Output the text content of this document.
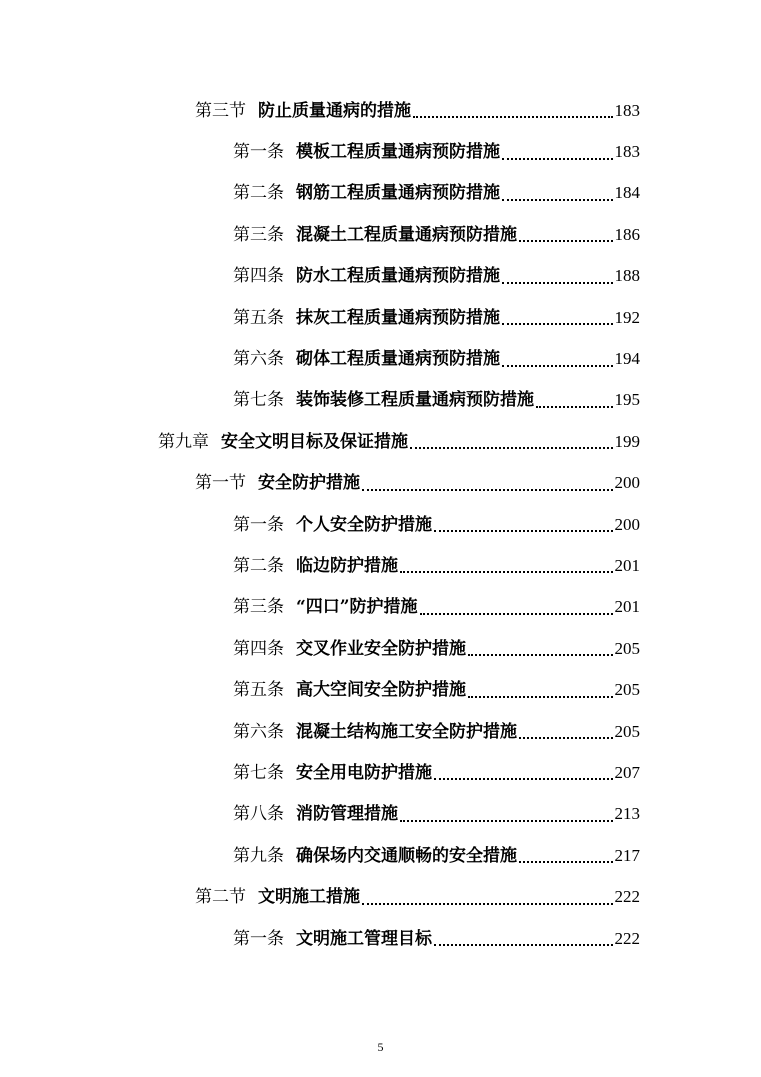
第三节 防止质量通病的措施	183
第一条 模板工程质量通病预防措施	183
第二条 钢筋工程质量通病预防措施	184
第三条 混凝土工程质量通病预防措施	186
第四条 防水工程质量通病预防措施	188
第五条 抹灰工程质量通病预防措施	192
第六条 砌体工程质量通病预防措施	194
第七条 装饰装修工程质量通病预防措施	195
第九章 安全文明目标及保证措施	199
第一节 安全防护措施	200
第一条 个人安全防护措施	200
第二条 临边防护措施	201
第三条 “四口”防护措施	201
第四条 交叉作业安全防护措施	205
第五条 高大空间安全防护措施	205
第六条 混凝土结构施工安全防护措施	205
第七条 安全用电防护措施	207
第八条 消防管理措施	213
第九条 确保场内交通顺畅的安全措施	217
第二节 文明施工措施	222
第一条 文明施工管理目标	222
5
